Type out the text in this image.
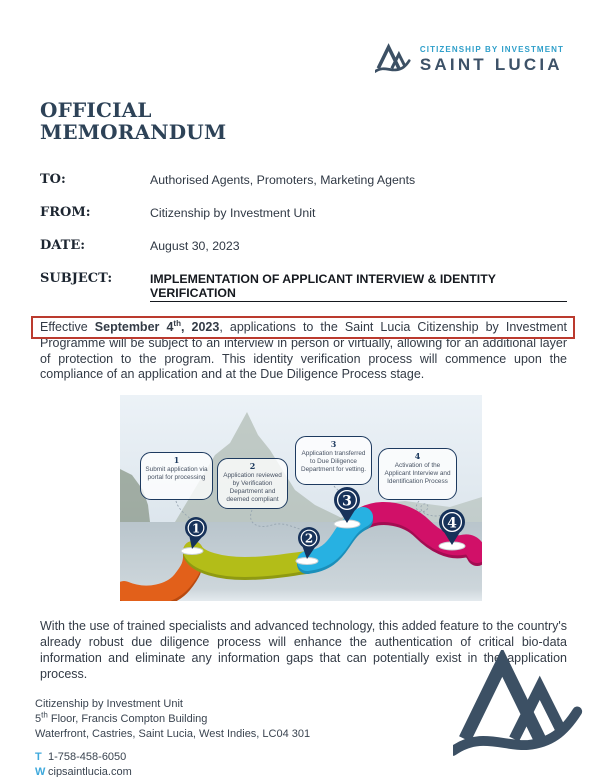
CITIZENSHIP BY INVESTMENT
SAINT LUCIA
OFFICIAL
MEMORANDUM
TO:	Authorised Agents, Promoters, Marketing Agents
FROM:	Citizenship by Investment Unit
DATE:	August 30, 2023
SUBJECT:	IMPLEMENTATION OF APPLICANT INTERVIEW & IDENTITY VERIFICATION

Effective September 4th, 2023, applications to the Saint Lucia Citizenship by Investment Programme will be subject to an interview in person or virtually, allowing for an additional layer of protection to the program. This identity verification process will commence upon the compliance of an application and at the Due Diligence Process stage.

1
2
3
4
1
Submit application via portal for processing
2
Application reviewed by Verification Department and deemed compliant
3
Application transferred to Due Diligence Department for vetting.
4
Activation of the Applicant Interview and Identification Process

With the use of trained specialists and advanced technology, this added feature to the country's already robust due diligence process will enhance the authentication of critical bio-data information and eliminate any information gaps that can potentially exist in the application process.

Citizenship by Investment Unit
5th Floor, Francis Compton Building
Waterfront, Castries, Saint Lucia, West Indies, LC04 301
T 1-758-458-6050
W cipsaintlucia.com
